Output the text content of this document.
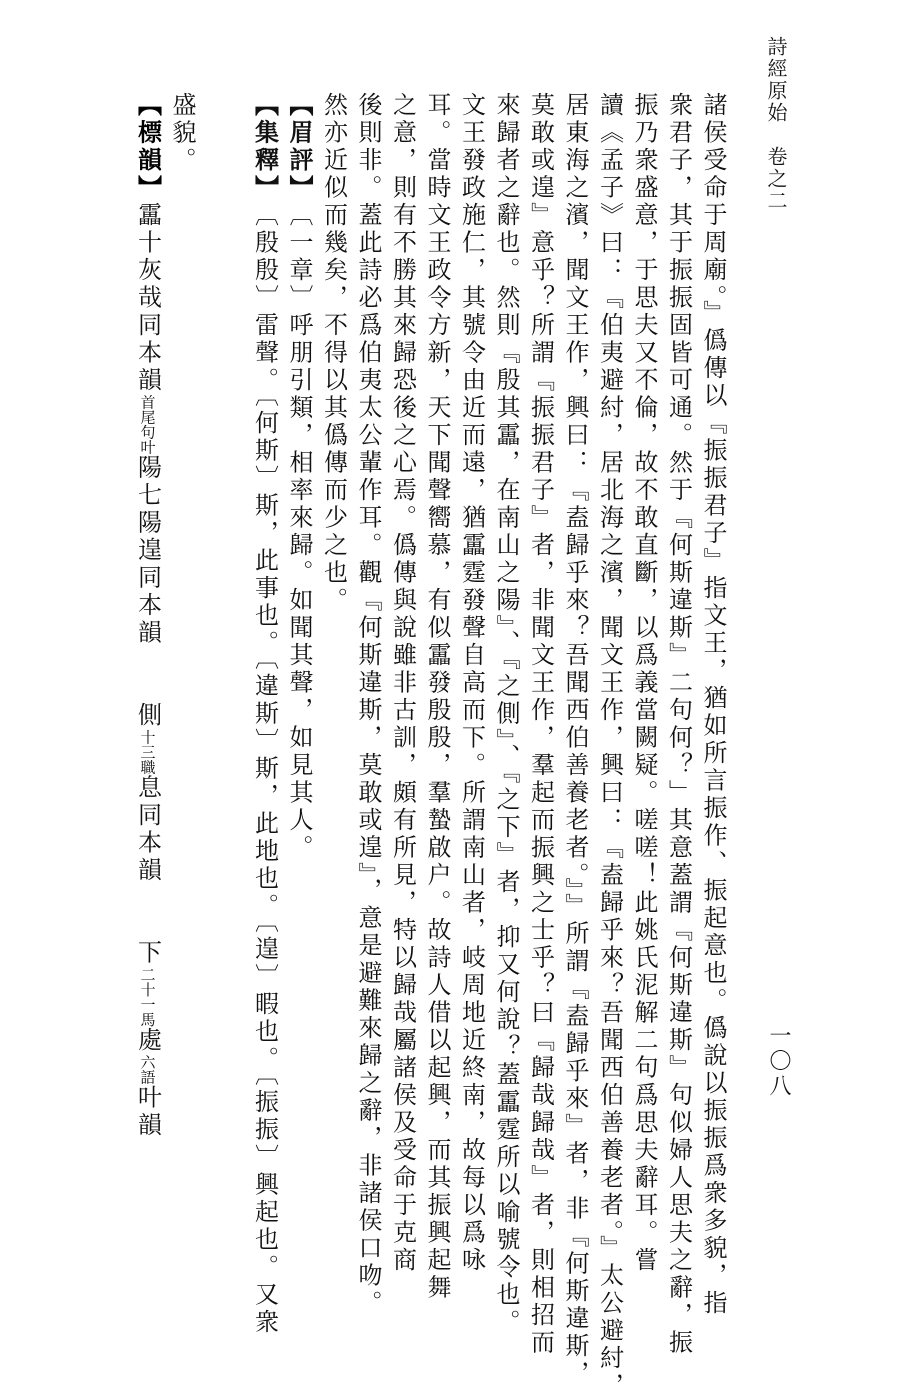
詩經原始卷之二
一〇八
諸侯受命于周廟。』僞傳以『振振君子』指文王，猶如所言振作、振起意也。僞說以振振爲衆多貌，指
衆君子，其于振振固皆可通。然于『何斯違斯』二句何？」其意蓋謂『何斯違斯』句似婦人思夫之辭，振
振乃衆盛意，于思夫又不倫，故不敢直斷，以爲義當闕疑。嗟嗟！此姚氏泥解二句爲思夫辭耳。嘗
讀《孟子》曰：『伯夷避紂，居北海之濱，聞文王作，興曰：『盍歸乎來？吾聞西伯善養老者。』太公避紂，
居東海之濱，聞文王作，興曰：『盍歸乎來？吾聞西伯善養老者。』』所謂『盍歸乎來』者，非『何斯違斯，
莫敢或遑』意乎？所謂『振振君子』者，非聞文王作，羣起而振興之士乎？曰『歸哉歸哉』者，則相招而
來歸者之辭也。然則『殷其靁，在南山之陽』、『之側』、『之下』者，抑又何說？蓋靁霆所以喻號令也。
文王發政施仁，其號令由近而遠，猶靁霆發聲自高而下。所謂南山者，岐周地近終南，故每以爲咏
耳。當時文王政令方新，天下聞聲嚮慕，有似靁發殷殷，羣蟄啟户。故詩人借以起興，而其振興起舞
之意，則有不勝其來歸恐後之心焉。僞傳與說雖非古訓，頗有所見，特以歸哉屬諸侯及受命于克商
後則非。蓋此詩必爲伯夷太公輩作耳。觀『何斯違斯，莫敢或遑』，意是避難來歸之辭，非諸侯口吻。
然亦近似而幾矣，不得以其僞傳而少之也。
【 眉評 】〔一章〕呼朋引類，相率來歸。如聞其聲，如見其人。
【 集釋 】〔殷殷〕雷聲。〔何斯〕斯，此事也。〔違斯〕斯，此地也。〔遑〕暇也。〔振振〕興起也。又衆
盛貌。
【 標韻 】靁十灰哉同本韻首尾句叶陽七陽遑同本韻　　側十三職息同本韻　　下二十一馬處六語叶韻
